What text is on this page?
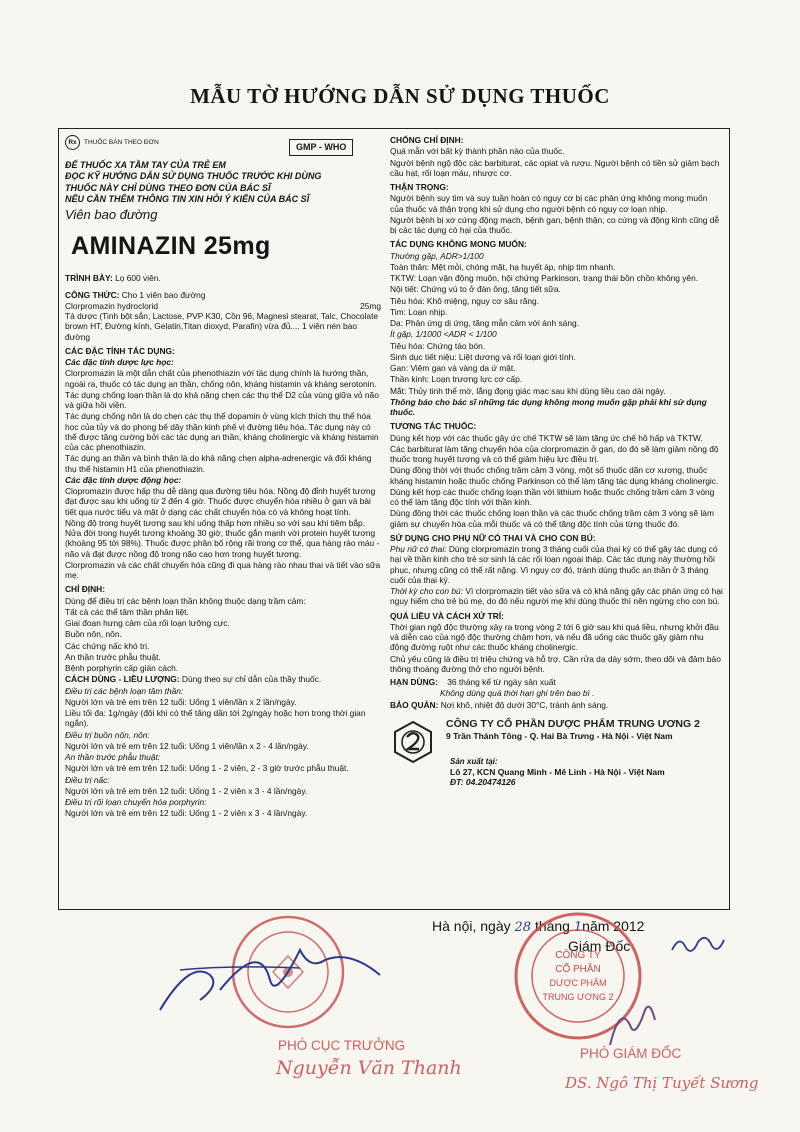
MẪU TỜ HƯỚNG DẪN SỬ DỤNG THUỐC
Rx	THUỐC BÁN THEO ĐƠN	GMP - WHO
ĐỂ THUỐC XA TẦM TAY CỦA TRẺ EM
ĐỌC KỸ HƯỚNG DẪN SỬ DỤNG THUỐC TRƯỚC KHI DÙNG
THUỐC NÀY CHỈ DÙNG THEO ĐƠN CỦA BÁC SĨ
NẾU CẦN THÊM THÔNG TIN XIN HỎI Ý KIẾN CỦA BÁC SĨ
Viên bao đường
AMINAZIN 25mg

TRÌNH BÀY: Lọ 600 viên.

CÔNG THỨC: Cho 1 viên bao đường

Clorpromazin hydroclorid	25mg

Tá dược (Tinh bột sắn, Lactose, PVP K30, Cồn 96, Magnesi stearat, Talc, Chocolate brown HT, Đường kính, Gelatin,Titan dioxyd, Parafin) vừa đủ.... 1 viên nén bao đường

CÁC ĐẶC TÍNH TÁC DỤNG:

Các đặc tính dược lực học:

Clorpromazin là một dẫn chất của phenothiazin với tác dụng chính là hướng thần, ngoài ra, thuốc có tác dụng an thần, chống nôn, kháng histamin và kháng serotonin.

Tác dụng chống loạn thần là do khả năng chẹn các thụ thể D2 của vùng giữa vỏ não và giữa hồi viền.

Tác dụng chống nôn là do chẹn các thụ thể dopamin ở vùng kích thích thụ thể hóa học của tủy và do phong bế dây thần kinh phế vị đường tiêu hóa. Tác dụng này có thể được tăng cường bởi các tác dụng an thần, kháng cholinergic và kháng histamin của các phenothiazin.

Tác dụng an thần và bình thản là do khả năng chẹn alpha-adrenergic và đối kháng thụ thể histamin H1 của phenothiazin.

Các đặc tính dược động học:

Clopromazin được hấp thu dễ dàng qua đường tiêu hóa. Nồng độ đỉnh huyết tương đạt được sau khi uống từ 2 đến 4 giờ. Thuốc được chuyển hóa nhiều ở gan và bài tiết qua nước tiểu và mật ở dạng các chất chuyển hóa có và không hoạt tính.

Nồng độ trong huyết tương sau khi uống thấp hơn nhiều so với sau khi tiêm bắp. Nửa đời trong huyết tương khoảng 30 giờ, thuốc gắn mạnh với protein huyết tương (khoảng 95 tới 98%). Thuốc được phân bố rộng rãi trong cơ thể, qua hàng rào máu - não và đạt được nồng độ trong não cao hơn trong huyết tương.

Clorpromazin và các chất chuyển hóa cũng đi qua hàng rào nhau thai và tiết vào sữa mẹ.

CHỈ ĐỊNH:

Dùng để điều trị các bệnh loạn thần không thuộc dạng trầm cảm:

Tất cả các thể tâm thần phân liệt.

Giai đoạn hưng cảm của rối loạn lưỡng cực.

Buồn nôn, nôn.

Các chứng nấc khó trị.

An thần trước phẫu thuật.

Bệnh porphyrin cấp gián cách.

CÁCH DÙNG - LIỀU LƯỢNG: Dùng theo sự chỉ dẫn của thầy thuốc.

Điều trị các bệnh loạn tâm thần:

Người lớn và trẻ em trên 12 tuổi: Uống 1 viên/lần x 2 lần/ngày.

Liều tối đa: 1g/ngày (đôi khi có thể tăng dần tới 2g/ngày hoặc hơn trong thời gian ngắn).

Điều trị buồn nôn, nôn:

Người lớn và trẻ em trên 12 tuổi: Uống 1 viên/lần x 2 - 4 lần/ngày.

An thần trước phẫu thuật:

Người lớn và trẻ em trên 12 tuổi: Uống 1 - 2 viên, 2 - 3 giờ trước phẫu thuật.

Điều trị nấc:

Người lớn và trẻ em trên 12 tuổi: Uống 1 - 2 viên x 3 - 4 lần/ngày.

Điều trị rối loạn chuyển hóa porphyrin:

Người lớn và trẻ em trên 12 tuổi: Uống 1 - 2 viên x 3 - 4 lần/ngày.

CHỐNG CHỈ ĐỊNH:

Quá mẫn với bất kỳ thành phần nào của thuốc.

Người bệnh ngộ độc các barbiturat, các opiat và rượu. Người bệnh có tiền sử giảm bạch cầu hạt, rối loạn máu, nhược cơ.

THẬN TRỌNG:

Người bệnh suy tim và suy tuần hoàn có nguy cơ bị các phản ứng không mong muốn của thuốc và thận trọng khi sử dụng cho người bệnh có nguy cơ loạn nhịp.

Người bệnh bị xơ cứng động mạch, bệnh gan, bệnh thận, co cứng và động kinh cũng dễ bị các tác dụng có hại của thuốc.

TÁC DỤNG KHÔNG MONG MUỐN:

Thường gặp, ADR>1/100

Toàn thân: Mệt mỏi, chóng mặt, hạ huyết áp, nhịp tim nhanh.

TKTW: Loạn vận động muộn, hội chứng Parkinson, trạng thái bồn chồn không yên.

Nội tiết: Chứng vú to ở đàn ông, tăng tiết sữa.

Tiêu hóa: Khô miệng, nguy cơ sâu răng.

Tim: Loạn nhịp.

Da: Phản ứng dị ứng, tăng mẫn cảm với ánh sáng.

Ít gặp, 1/1000 <ADR < 1/100

Tiêu hóa: Chứng táo bón.

Sinh dục tiết niệu: Liệt dương và rối loạn giới tính.

Gan: Viêm gan và vàng da ứ mật.

Thần kinh: Loạn trương lực cơ cấp.

Mắt: Thủy tinh thể mờ, lắng đọng giác mạc sau khi dùng liều cao dài ngày.

Thông báo cho bác sĩ những tác dụng không mong muốn gặp phải khi sử dụng thuốc.

TƯƠNG TÁC THUỐC:

Dùng kết hợp với các thuốc gây ức chế TKTW sẽ làm tăng ức chế hô hấp và TKTW.

Các barbiturat làm tăng chuyển hóa của clorpromazin ở gan, do đó sẽ làm giảm nồng độ thuốc trong huyết tương và có thể giảm hiệu lực điều trị.

Dùng đồng thời với thuốc chống trầm cảm 3 vòng, một số thuốc dãn cơ xương, thuốc kháng histamin hoặc thuốc chống Parkinson có thể làm tăng tác dụng kháng cholinergic.

Dùng kết hợp các thuốc chống loạn thần với lithium hoặc thuốc chống trầm cảm 3 vòng có thể làm tăng độc tính với thần kinh.

Dùng đồng thời các thuốc chống loạn thần và các thuốc chống trầm cảm 3 vòng sẽ làm giảm sự chuyển hóa của mỗi thuốc và có thể tăng độc tính của từng thuốc đó.

SỬ DỤNG CHO PHỤ NỮ CÓ THAI VÀ CHO CON BÚ:

Phụ nữ có thai: Dùng clorpromazin trong 3 tháng cuối của thai kỳ có thể gây tác dụng có hại về thần kinh cho trẻ sơ sinh là các rối loạn ngoại tháp. Các tác dụng này thường hồi phục, nhưng cũng có thể rất nặng. Vì nguy cơ đó, tránh dùng thuốc an thần ở 3 tháng cuối của thai kỳ.

Thời kỳ cho con bú: Vì clorpromazin tiết vào sữa và có khả năng gây các phản ứng có hại nguy hiểm cho trẻ bú mẹ, do đó nếu người mẹ khi dùng thuốc thì nên ngừng cho con bú.

QUÁ LIỀU VÀ CÁCH XỬ TRÍ:

Thời gian ngộ độc thường xảy ra trong vòng 2 tới 6 giờ sau khi quá liều, nhưng khởi đầu và diễn cao của ngộ độc thường chậm hơn, và nếu đã uống các thuốc gây giảm nhu động đường ruột như các thuốc kháng cholinergic.

Chủ yếu cũng là điều trị triệu chứng và hỗ trợ. Cần rửa dạ dày sớm, theo dõi và đảm bảo thông thoáng đường thở cho người bệnh.

HẠN DÙNG: 36 tháng kể từ ngày sản xuất

Không dùng quá thời hạn ghi trên bao bì .

BẢO QUẢN: Nơi khô, nhiệt độ dưới 30°C, tránh ánh sáng.

CÔNG TY CỔ PHẦN DƯỢC PHẨM TRUNG ƯƠNG 2
9 Trần Thánh Tông - Q. Hai Bà Trưng - Hà Nội - Việt Nam
Sản xuất tại:
Lô 27, KCN Quang Minh - Mê Linh - Hà Nội - Việt Nam
ĐT: 04.20474126
Hà nội, ngày 28 tháng 1năm 2012
Giám Đốc
CÔNG TY
CỔ PHẦN
DƯỢC PHẨM
TRUNG ƯƠNG 2
PHÓ CỤC TRƯỞNG
Nguyễn Văn Thanh
PHÓ GIÁM ĐỐC
DS. Ngô Thị Tuyết Sương
